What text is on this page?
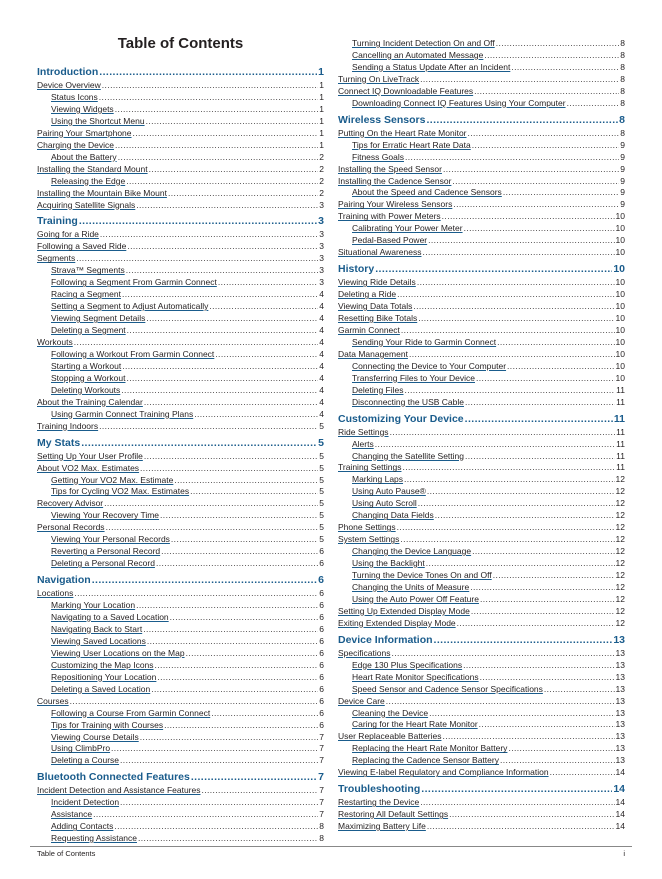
Table of Contents
Introduction .....	1
Device Overview .....	1
Status Icons .....	1
Viewing Widgets .....	1
Using the Shortcut Menu .....	1
Pairing Your Smartphone .....	1
Charging the Device .....	1
About the Battery .....	2
Installing the Standard Mount .....	2
Releasing the Edge .....	2
Installing the Mountain Bike Mount .....	2
Acquiring Satellite Signals .....	3
Training .....	3
Going for a Ride .....	3
Following a Saved Ride .....	3
Segments .....	3
Strava™ Segments .....	3
Following a Segment From Garmin Connect .....	3
Racing a Segment .....	4
Setting a Segment to Adjust Automatically .....	4
Viewing Segment Details .....	4
Deleting a Segment .....	4
Workouts .....	4
Following a Workout From Garmin Connect .....	4
Starting a Workout .....	4
Stopping a Workout .....	4
Deleting Workouts .....	4
About the Training Calendar .....	4
Using Garmin Connect Training Plans .....	4
Training Indoors .....	5
My Stats .....	5
Setting Up Your User Profile .....	5
About VO2 Max. Estimates .....	5
Getting Your VO2 Max. Estimate .....	5
Tips for Cycling VO2 Max. Estimates .....	5
Recovery Advisor .....	5
Viewing Your Recovery Time .....	5
Personal Records .....	5
Viewing Your Personal Records .....	5
Reverting a Personal Record .....	6
Deleting a Personal Record .....	6
Navigation .....	6
Locations .....	6
Marking Your Location .....	6
Navigating to a Saved Location .....	6
Navigating Back to Start .....	6
Viewing Saved Locations .....	6
Viewing User Locations on the Map .....	6
Customizing the Map Icons .....	6
Repositioning Your Location .....	6
Deleting a Saved Location .....	6
Courses .....	6
Following a Course From Garmin Connect .....	6
Tips for Training with Courses .....	6
Viewing Course Details .....	7
Using ClimbPro .....	7
Deleting a Course .....	7
Bluetooth Connected Features .....	7
Incident Detection and Assistance Features .....	7
Incident Detection .....	7
Assistance .....	7
Adding Contacts .....	8
Requesting Assistance .....	8
Turning Incident Detection On and Off .....	8
Cancelling an Automated Message .....	8
Sending a Status Update After an Incident .....	8
Turning On LiveTrack .....	8
Connect IQ Downloadable Features .....	8
Downloading Connect IQ Features Using Your Computer .....	8
Wireless Sensors .....	8
Putting On the Heart Rate Monitor .....	8
Tips for Erratic Heart Rate Data .....	9
Fitness Goals .....	9
Installing the Speed Sensor .....	9
Installing the Cadence Sensor .....	9
About the Speed and Cadence Sensors .....	9
Pairing Your Wireless Sensors .....	9
Training with Power Meters .....	10
Calibrating Your Power Meter .....	10
Pedal-Based Power .....	10
Situational Awareness .....	10
History .....	10
Viewing Ride Details .....	10
Deleting a Ride .....	10
Viewing Data Totals .....	10
Resetting Bike Totals .....	10
Garmin Connect .....	10
Sending Your Ride to Garmin Connect .....	10
Data Management .....	10
Connecting the Device to Your Computer .....	10
Transferring Files to Your Device .....	10
Deleting Files .....	11
Disconnecting the USB Cable .....	11
Customizing Your Device .....	11
Ride Settings .....	11
Alerts .....	11
Changing the Satellite Setting .....	11
Training Settings .....	11
Marking Laps .....	12
Using Auto Pause® .....	12
Using Auto Scroll .....	12
Changing Data Fields .....	12
Phone Settings .....	12
System Settings .....	12
Changing the Device Language .....	12
Using the Backlight .....	12
Turning the Device Tones On and Off .....	12
Changing the Units of Measure .....	12
Using the Auto Power Off Feature .....	12
Setting Up Extended Display Mode .....	12
Exiting Extended Display Mode .....	12
Device Information .....	13
Specifications .....	13
Edge 130 Plus Specifications .....	13
Heart Rate Monitor Specifications .....	13
Speed Sensor and Cadence Sensor Specifications .....	13
Device Care .....	13
Cleaning the Device .....	13
Caring for the Heart Rate Monitor .....	13
User Replaceable Batteries .....	13
Replacing the Heart Rate Monitor Battery .....	13
Replacing the Cadence Sensor Battery .....	13
Viewing E-label Regulatory and Compliance Information .....	14
Troubleshooting .....	14
Restarting the Device .....	14
Restoring All Default Settings .....	14
Maximizing Battery Life .....	14
Table of Contents	i
